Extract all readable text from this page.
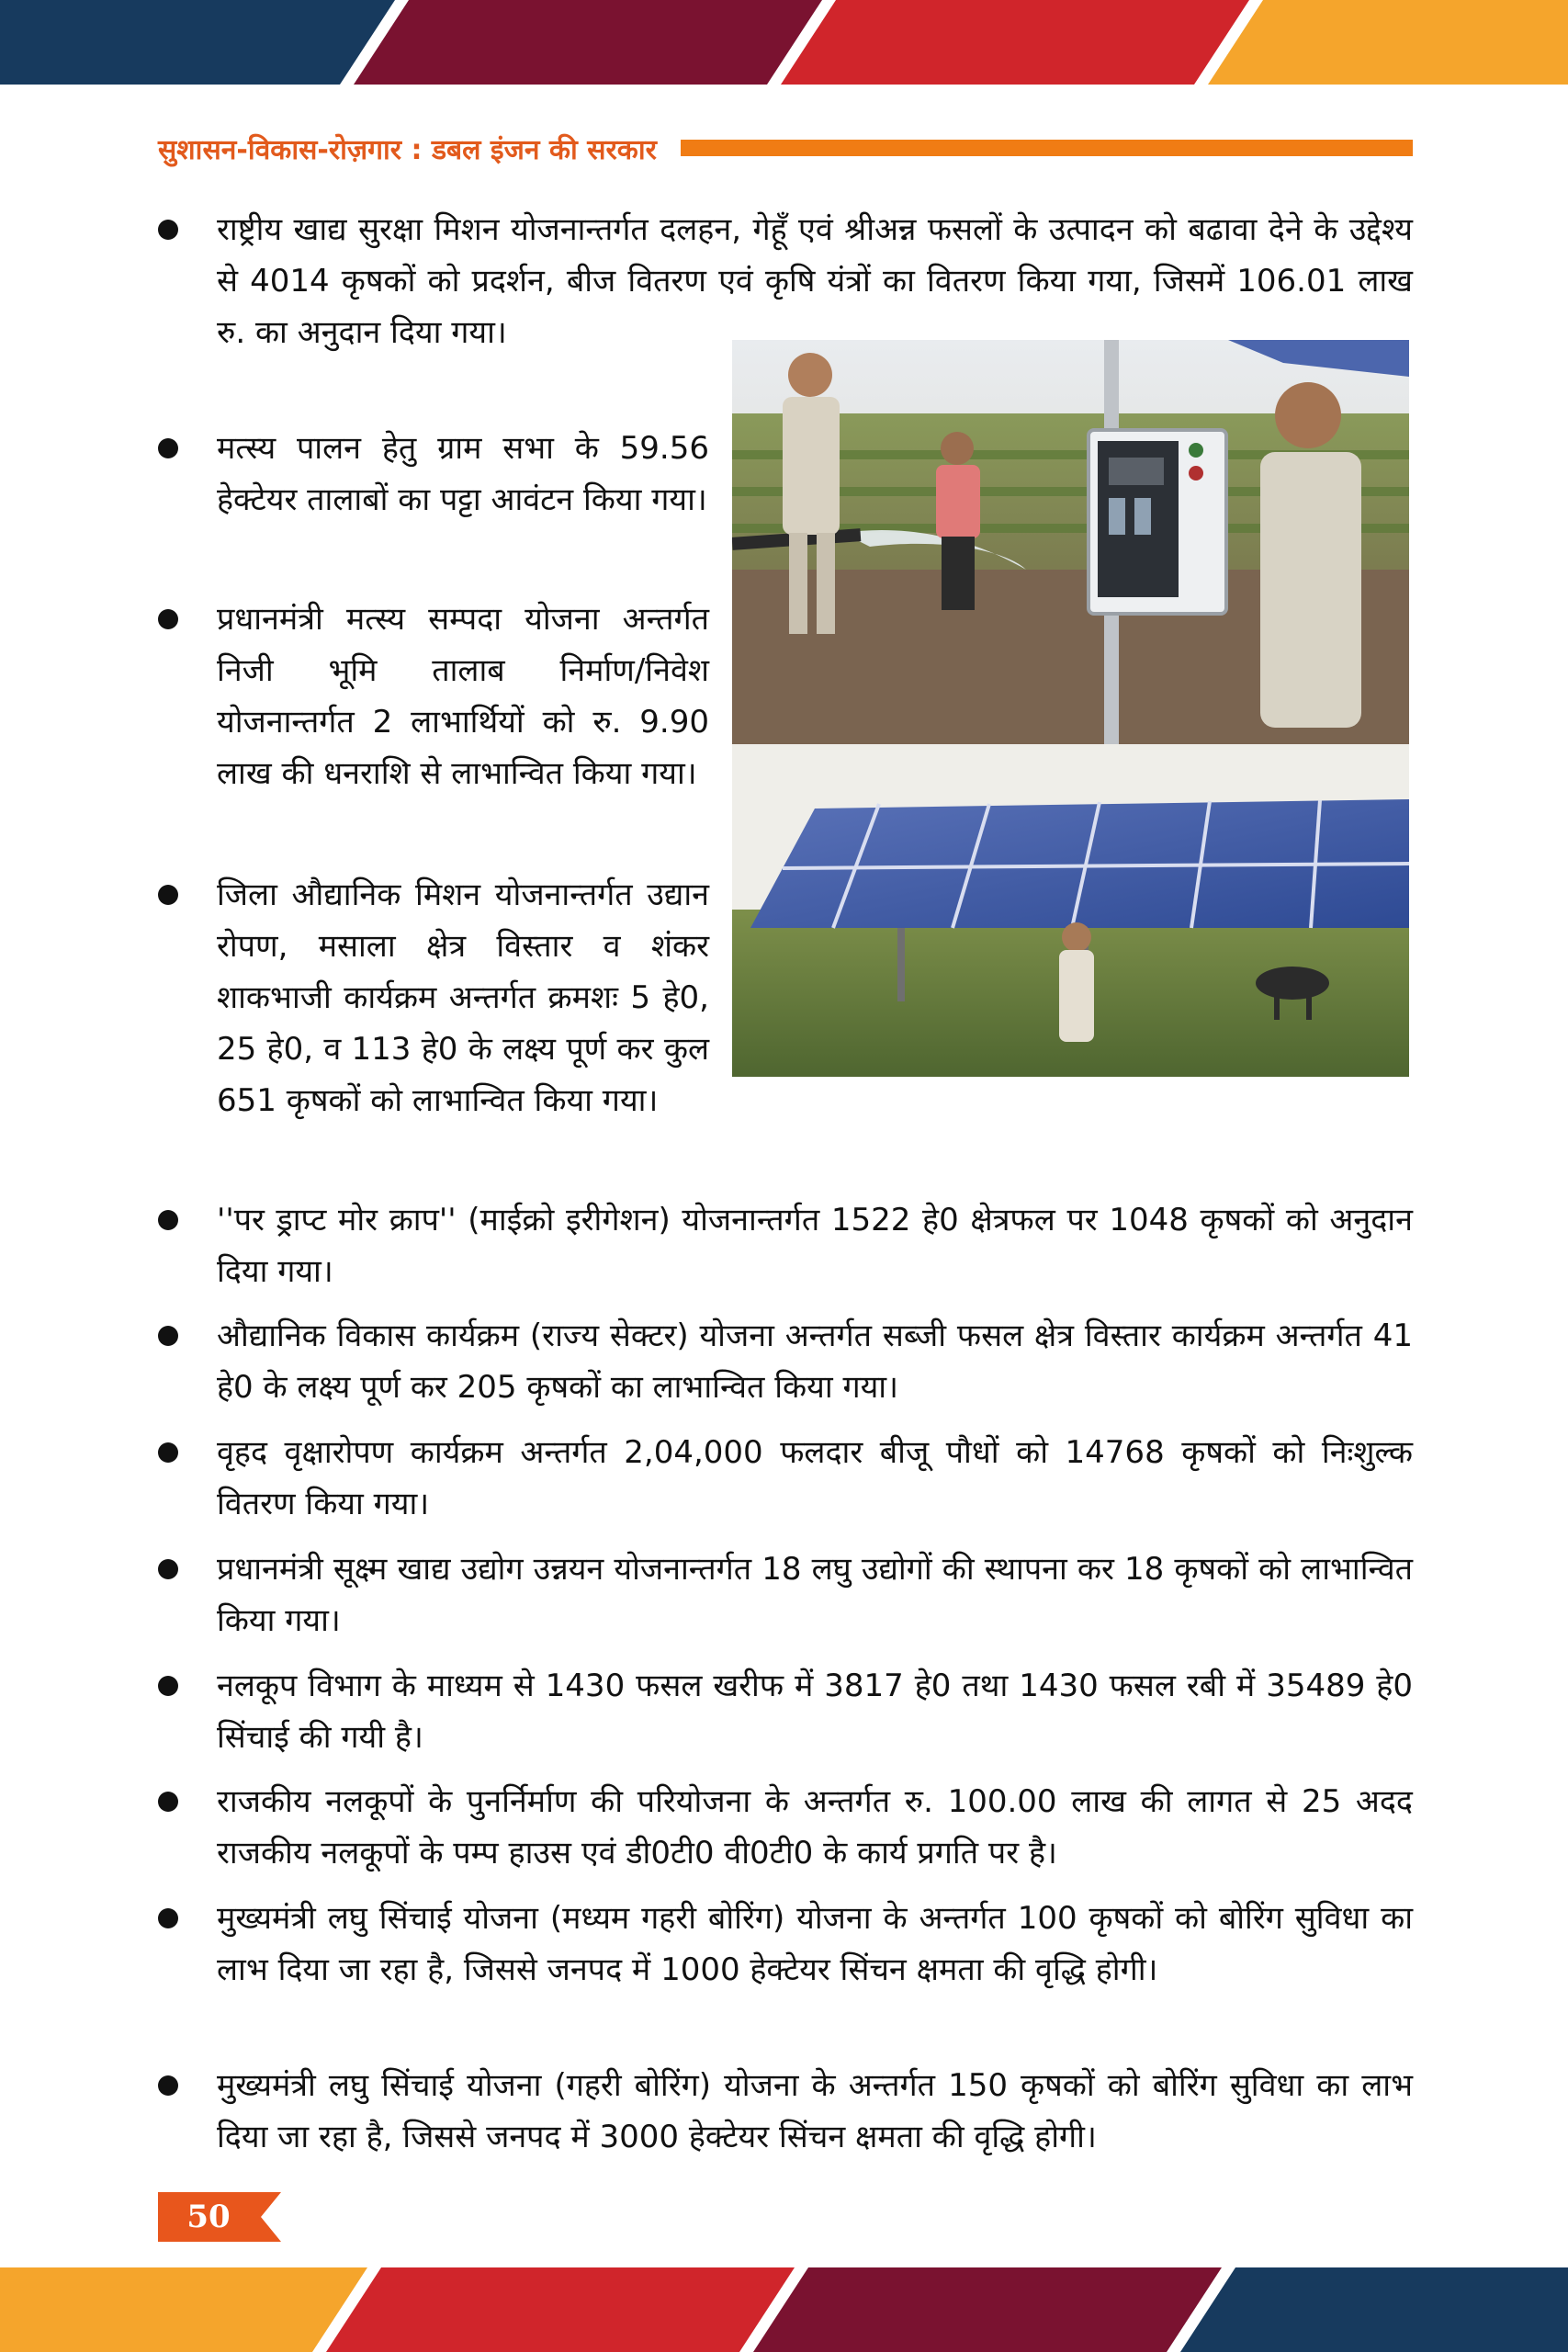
सुशासन-विकास-रोज़गार : डबल इंजन की सरकार
राष्ट्रीय खाद्य सुरक्षा मिशन योजनान्तर्गत दलहन, गेहूँ एवं श्रीअन्न फसलों के उत्पादन को बढावा देने के उद्देश्य से 4014 कृषकों को प्रदर्शन, बीज वितरण एवं कृषि यंत्रों का वितरण किया गया, जिसमें 106.01 लाख रु. का अनुदान दिया गया।
मत्स्य पालन हेतु ग्राम सभा के 59.56 हेक्टेयर तालाबों का पट्टा आवंटन किया गया।
प्रधानमंत्री मत्स्य सम्पदा योजना अन्तर्गत निजी भूमि तालाब निर्माण/निवेश योजनान्तर्गत 2 लाभार्थियों को रु. 9.90 लाख की धनराशि से लाभान्वित किया गया।
जिला औद्यानिक मिशन योजनान्तर्गत उद्यान रोपण, मसाला क्षेत्र विस्तार व शंकर शाकभाजी कार्यक्रम अन्तर्गत क्रमशः 5 हे0, 25 हे0, व 113 हे0 के लक्ष्य पूर्ण कर कुल 651 कृषकों को लाभान्वित किया गया।
''पर ड्राप्ट मोर क्राप'' (माईक्रो इरीगेशन) योजनान्तर्गत 1522 हे0 क्षेत्रफल पर 1048 कृषकों को अनुदान दिया गया।
औद्यानिक विकास कार्यक्रम (राज्य सेक्टर) योजना अन्तर्गत सब्जी फसल क्षेत्र विस्तार कार्यक्रम अन्तर्गत 41 हे0 के लक्ष्य पूर्ण कर 205 कृषकों का लाभान्वित किया गया।
वृहद वृक्षारोपण कार्यक्रम अन्तर्गत 2,04,000 फलदार बीजू पौधों को 14768 कृषकों को निःशुल्क वितरण किया गया।
प्रधानमंत्री सूक्ष्म खाद्य उद्योग उन्नयन योजनान्तर्गत 18 लघु उद्योगों की स्थापना कर 18 कृषकों को लाभान्वित किया गया।
नलकूप विभाग के माध्यम से 1430 फसल खरीफ में 3817 हे0 तथा 1430 फसल रबी में 35489 हे0 सिंचाई की गयी है।
राजकीय नलकूपों के पुनर्निर्माण की परियोजना के अन्तर्गत रु. 100.00 लाख की लागत से 25 अदद राजकीय नलकूपों के पम्प हाउस एवं डी0टी0 वी0टी0 के कार्य प्रगति पर है।
मुख्यमंत्री लघु सिंचाई योजना (मध्यम गहरी बोरिंग) योजना के अन्तर्गत 100 कृषकों को बोरिंग सुविधा का लाभ दिया जा रहा है, जिससे जनपद में 1000 हेक्टेयर सिंचन क्षमता की वृद्धि होगी।
मुख्यमंत्री लघु सिंचाई योजना (गहरी बोरिंग) योजना के अन्तर्गत 150 कृषकों को बोरिंग सुविधा का लाभ दिया जा रहा है, जिससे जनपद में 3000 हेक्टेयर सिंचन क्षमता की वृद्धि होगी।
50
